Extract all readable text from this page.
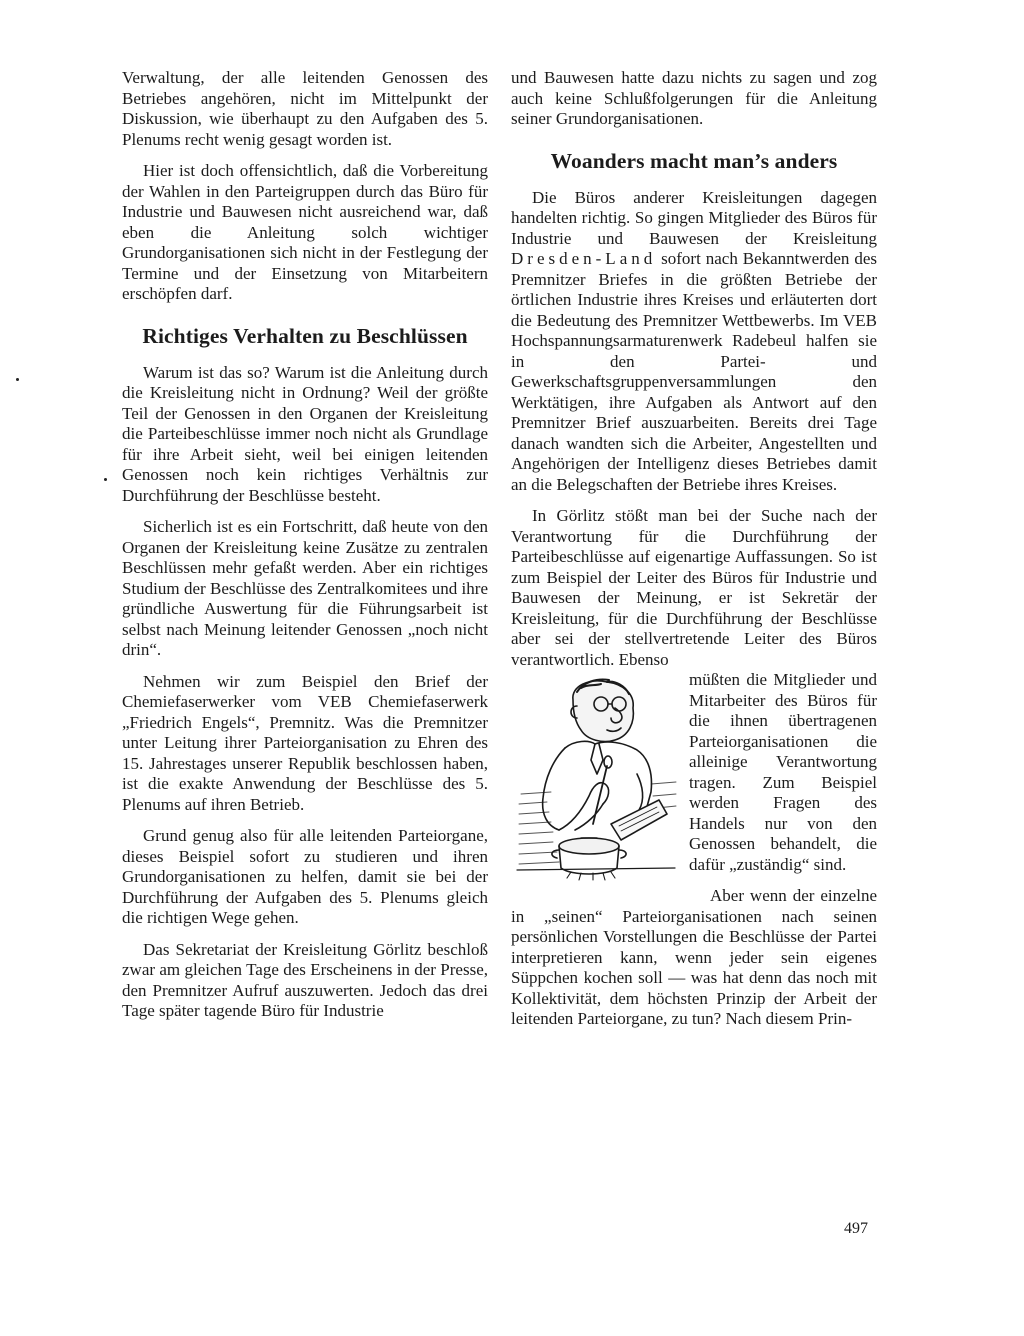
Verwaltung, der alle leitenden Genossen des Betriebes angehören, nicht im Mittelpunkt der Diskussion, wie überhaupt zu den Aufgaben des 5. Plenums recht wenig gesagt worden ist.

Hier ist doch offensichtlich, daß die Vorbereitung der Wahlen in den Parteigruppen durch das Büro für Industrie und Bauwesen nicht ausreichend war, daß eben die Anleitung solch wichtiger Grundorganisationen sich nicht in der Festlegung der Termine und der Einsetzung von Mitarbeitern erschöpfen darf.

Richtiges Verhalten zu Beschlüssen

Warum ist das so? Warum ist die Anleitung durch die Kreisleitung nicht in Ordnung? Weil der größte Teil der Genossen in den Organen der Kreisleitung die Parteibeschlüsse immer noch nicht als Grundlage für ihre Arbeit sieht, weil bei einigen leitenden Genossen noch kein richtiges Verhältnis zur Durchführung der Beschlüsse besteht.

Sicherlich ist es ein Fortschritt, daß heute von den Organen der Kreisleitung keine Zusätze zu zentralen Beschlüssen mehr gefaßt werden. Aber ein richtiges Studium der Beschlüsse des Zentralkomitees und ihre gründliche Auswertung für die Führungsarbeit ist selbst nach Meinung leitender Genossen „noch nicht drin“.

Nehmen wir zum Beispiel den Brief der Chemiefaserwerker vom VEB Chemiefaserwerk „Friedrich Engels“, Premnitz. Was die Premnitzer unter Leitung ihrer Parteiorganisation zu Ehren des 15. Jahrestages unserer Republik beschlossen haben, ist die exakte Anwendung der Beschlüsse des 5. Plenums auf ihren Betrieb.

Grund genug also für alle leitenden Parteiorgane, dieses Beispiel sofort zu studieren und ihren Grundorganisationen zu helfen, damit sie bei der Durchführung der Aufgaben des 5. Plenums gleich die richtigen Wege gehen.

Das Sekretariat der Kreisleitung Görlitz beschloß zwar am gleichen Tage des Erscheinens in der Presse, den Premnitzer Aufruf auszuwerten. Jedoch das drei Tage später tagende Büro für Industrie

und Bauwesen hatte dazu nichts zu sagen und zog auch keine Schlußfolgerungen für die Anleitung seiner Grundorganisationen.

Woanders macht man’s anders

Die Büros anderer Kreisleitungen dagegen handelten richtig. So gingen Mitglieder des Büros für Industrie und Bauwesen der Kreisleitung Dresden-Land sofort nach Bekanntwerden des Premnitzer Briefes in die größten Betriebe der örtlichen Industrie ihres Kreises und erläuterten dort die Bedeutung des Premnitzer Wettbewerbs. Im VEB Hochspannungsarmaturenwerk Radebeul halfen sie in den Partei- und Gewerkschaftsgruppenversammlungen den Werktätigen, ihre Aufgaben als Antwort auf den Premnitzer Brief auszuarbeiten. Bereits drei Tage danach wandten sich die Arbeiter, Angestellten und Angehörigen der Intelligenz dieses Betriebes damit an die Belegschaften der Betriebe ihres Kreises.

In Görlitz stößt man bei der Suche nach der Verantwortung für die Durchführung der Parteibeschlüsse auf eigenartige Auffassungen. So ist zum Beispiel der Leiter des Büros für Industrie und Bauwesen der Meinung, er ist Sekretär der Kreisleitung, für die Durchführung der Beschlüsse aber sei der stellvertretende Leiter des Büros verantwortlich. Ebenso

müßten die Mitglieder und Mitarbeiter des Büros für die ihnen übertragenen Parteiorganisationen die alleinige Verantwortung tragen. Zum Beispiel werden Fragen des Handels nur von den Genossen behandelt, die dafür „zuständig“ sind.

Aber wenn der einzelne in „seinen“ Parteiorganisationen nach seinen persönlichen Vorstellungen die Beschlüsse der Partei interpretieren kann, wenn jeder sein eigenes Süppchen kochen soll — was hat denn das noch mit Kollektivität, dem höchsten Prinzip der Arbeit der leitenden Parteiorgane, zu tun? Nach diesem Prin-

497
